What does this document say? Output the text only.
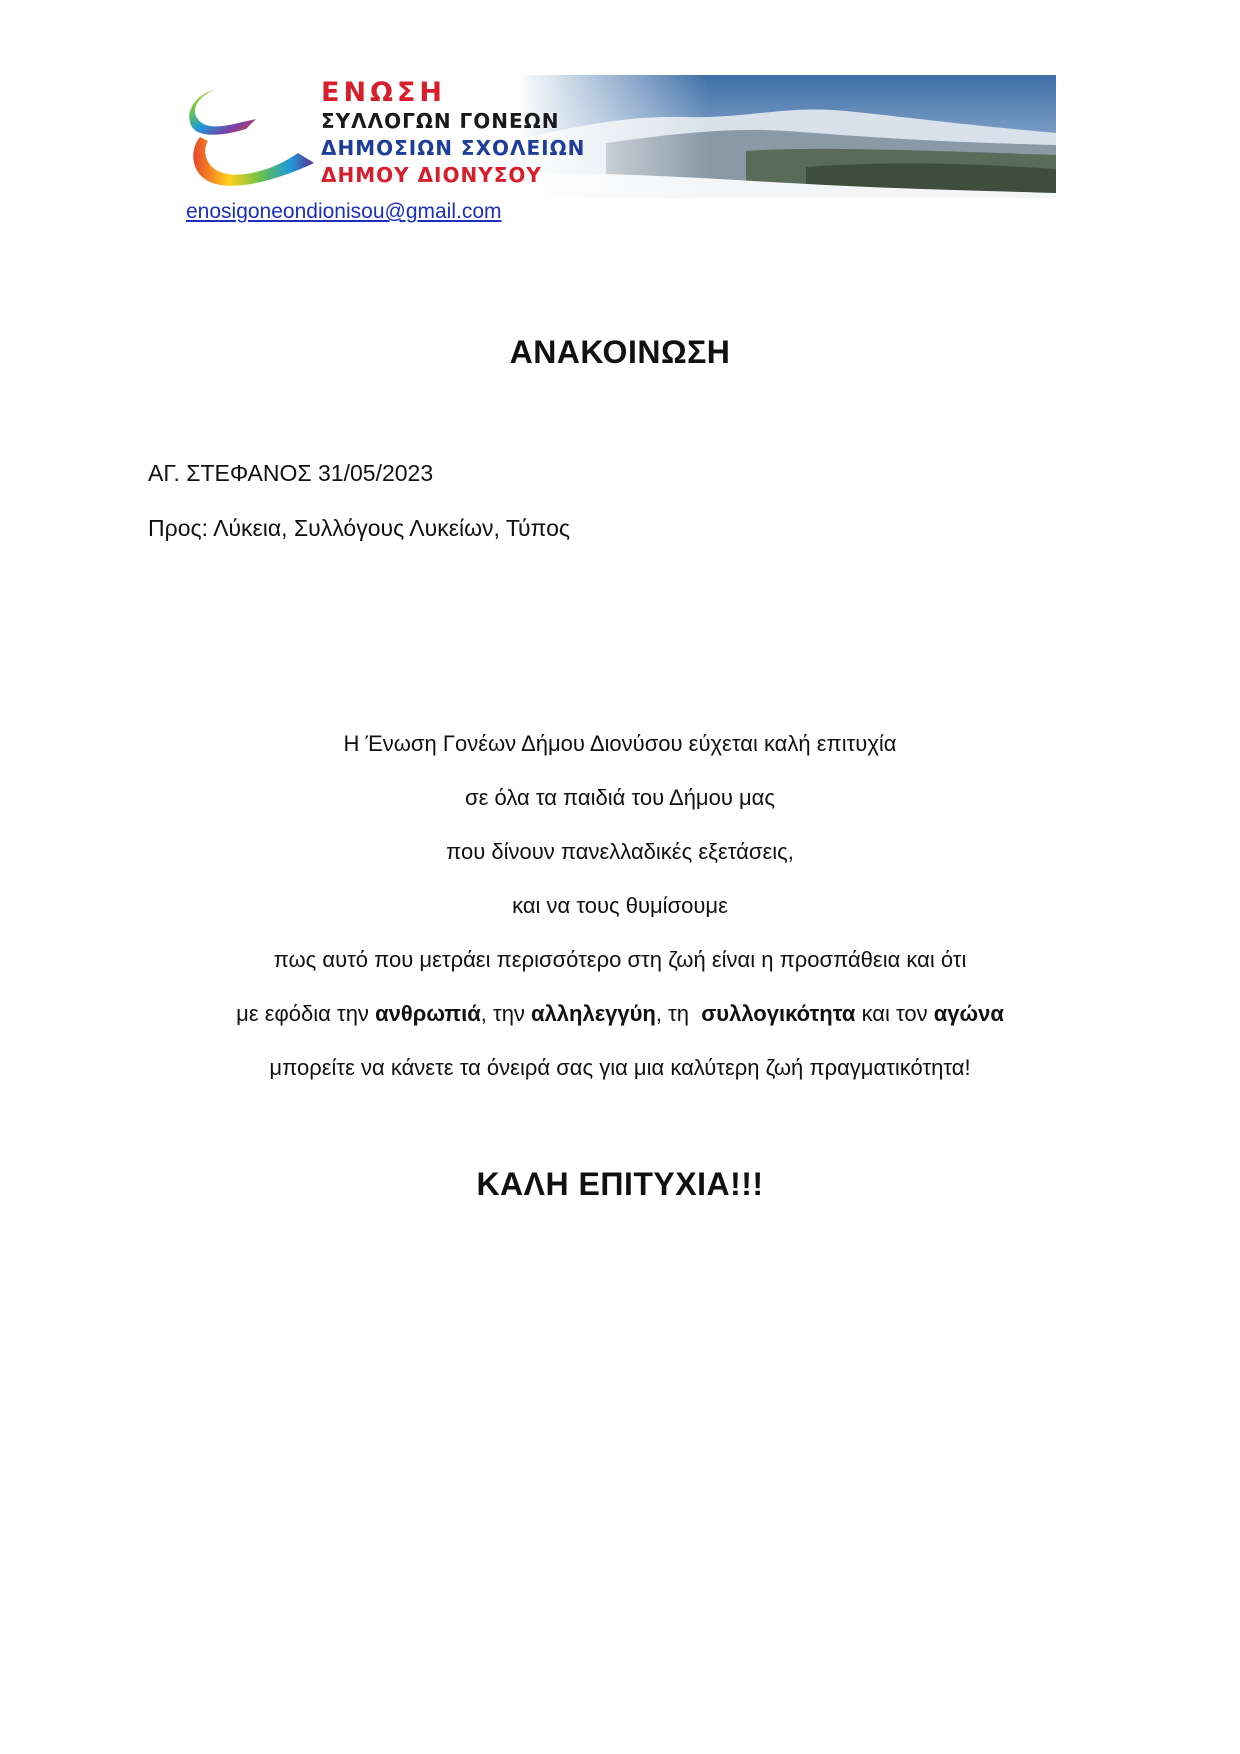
ΕΝΩΣΗ
ΣΥΛΛΟΓΩΝ ΓΟΝΕΩΝ
ΔΗΜΟΣΙΩΝ ΣΧΟΛΕΙΩΝ
ΔΗΜΟΥ ΔΙΟΝΥΣΟΥ
enosigoneondionisou@gmail.com
ΑΝΑΚΟΙΝΩΣΗ
ΑΓ. ΣΤΕΦΑΝΟΣ 31/05/2023
Προς: Λύκεια, Συλλόγους Λυκείων, Τύπος
Η Ένωση Γονέων Δήμου Διονύσου εύχεται καλή επιτυχία
σε όλα τα παιδιά του Δήμου μας
που δίνουν πανελλαδικές εξετάσεις,
και να τους θυμίσουμε
πως αυτό που μετράει περισσότερο στη ζωή είναι η προσπάθεια και ότι
με εφόδια την ανθρωπιά, την αλληλεγγύη, τη  συλλογικότητα και τον αγώνα
μπορείτε να κάνετε τα όνειρά σας για μια καλύτερη ζωή πραγματικότητα!
ΚΑΛΗ ΕΠΙΤΥΧΙΑ!!!
